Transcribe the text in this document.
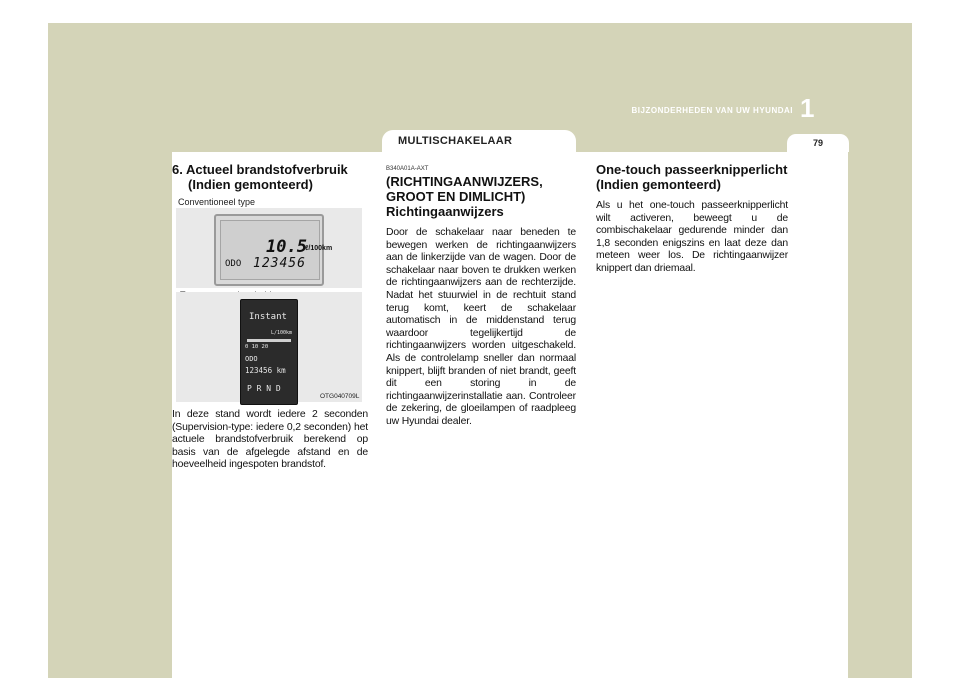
BIJZONDERHEDEN VAN UW HYUNDAI 1
79
MULTISCHAKELAAR
6. Actueel brandstofverbruik (Indien gemonteerd)
Conventioneel type
10.5
ℓ/100km
ODO 123456
Instant
L/100km
0 10 20
ODO
123456 km
P R N D
OTG040709L

In deze stand wordt iedere 2 seconden (Supervision-type: iedere 0,2 seconden) het actuele brandstofverbruik berekend op basis van de afgelegde afstand en de hoeveelheid ingespoten brandstof.

B340A01A-AXT

(RICHTINGAANWIJZERS, GROOT EN DIMLICHT) Richtingaanwijzers

Door de schakelaar naar beneden te bewegen werken de richtingaanwijzers aan de linkerzijde van de wagen. Door de schakelaar naar boven te drukken werken de richtingaanwijzers aan de rechterzijde. Nadat het stuurwiel in de rechtuit stand terug komt, keert de schakelaar automatisch in de middenstand terug waardoor tegelijkertijd de richtingaanwijzers worden uitgeschakeld. Als de controlelamp sneller dan normaal knippert, blijft branden of niet brandt, geeft dit een storing in de richtingaanwijzerinstallatie aan. Controleer de zekering, de gloeilampen of raadpleeg uw Hyundai dealer.

One-touch passeerknipperlicht (Indien gemonteerd)

Als u het one-touch passeerknipperlicht wilt activeren, beweegt u de combischakelaar gedurende minder dan 1,8 seconden enigszins en laat deze dan meteen weer los. De richtingaanwijzer knippert dan driemaal.
